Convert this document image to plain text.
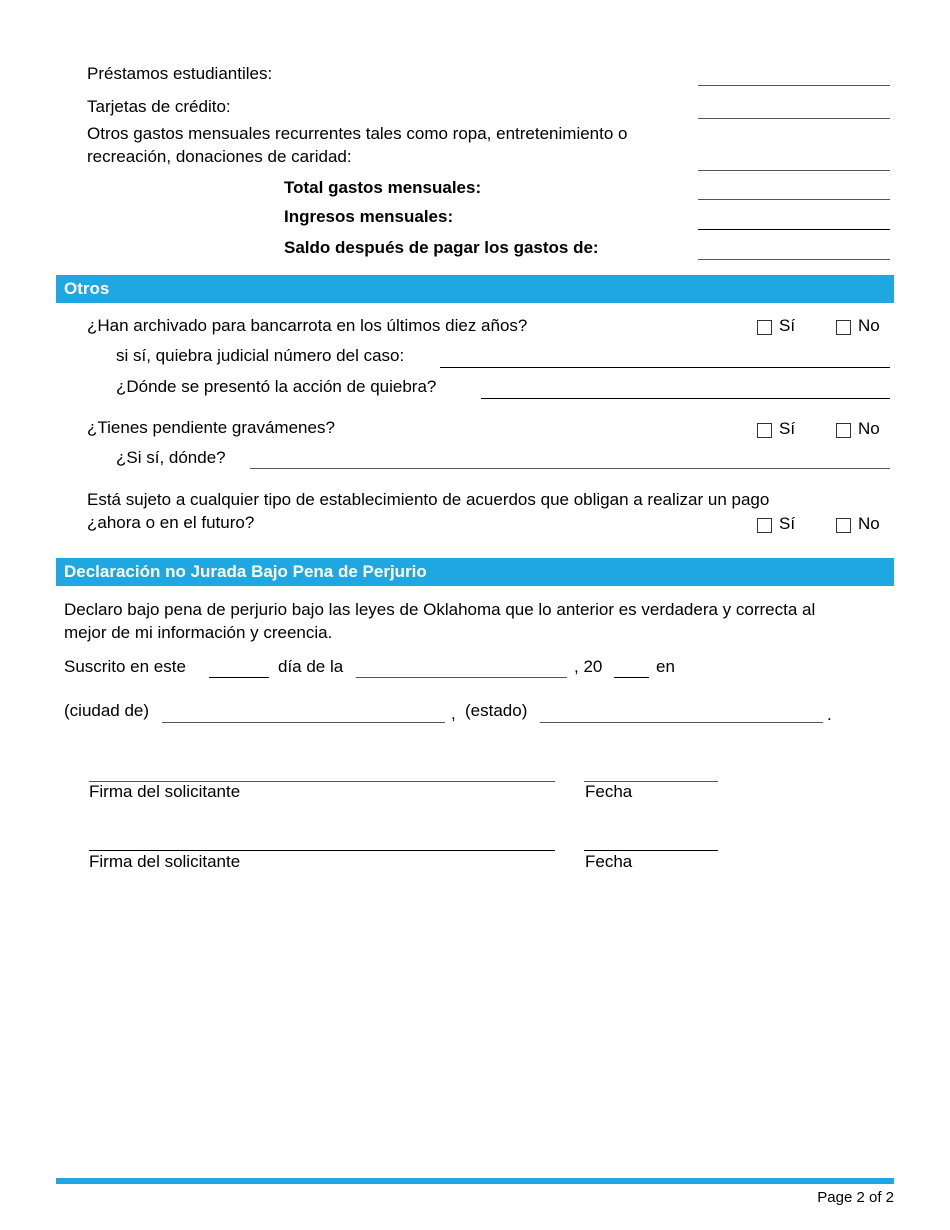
Préstamos estudiantiles:
Tarjetas de crédito:
Otros gastos mensuales recurrentes tales como ropa, entretenimiento o
recreación, donaciones de caridad:
Total gastos mensuales:
Ingresos mensuales:
Saldo después de pagar los gastos de:
Otros
¿Han archivado para bancarrota en los últimos diez años?	Sí	No
si sí, quiebra judicial número del caso:
¿Dónde se presentó la acción de quiebra?
¿Tienes pendiente gravámenes?	Sí	No
¿Si sí, dónde?
Está sujeto a cualquier tipo de establecimiento de acuerdos que obligan a realizar un pago
¿ahora o en el futuro?	Sí	No
Declaración no Jurada Bajo Pena de Perjurio
Declaro bajo pena de perjurio bajo las leyes de Oklahoma que lo anterior es verdadera y correcta al
mejor de mi información y creencia.
Suscrito en este	día de la	, 20	en
(ciudad de)	, (estado)	.
Firma del solicitante	Fecha
Firma del solicitante	Fecha
Page 2 of 2
